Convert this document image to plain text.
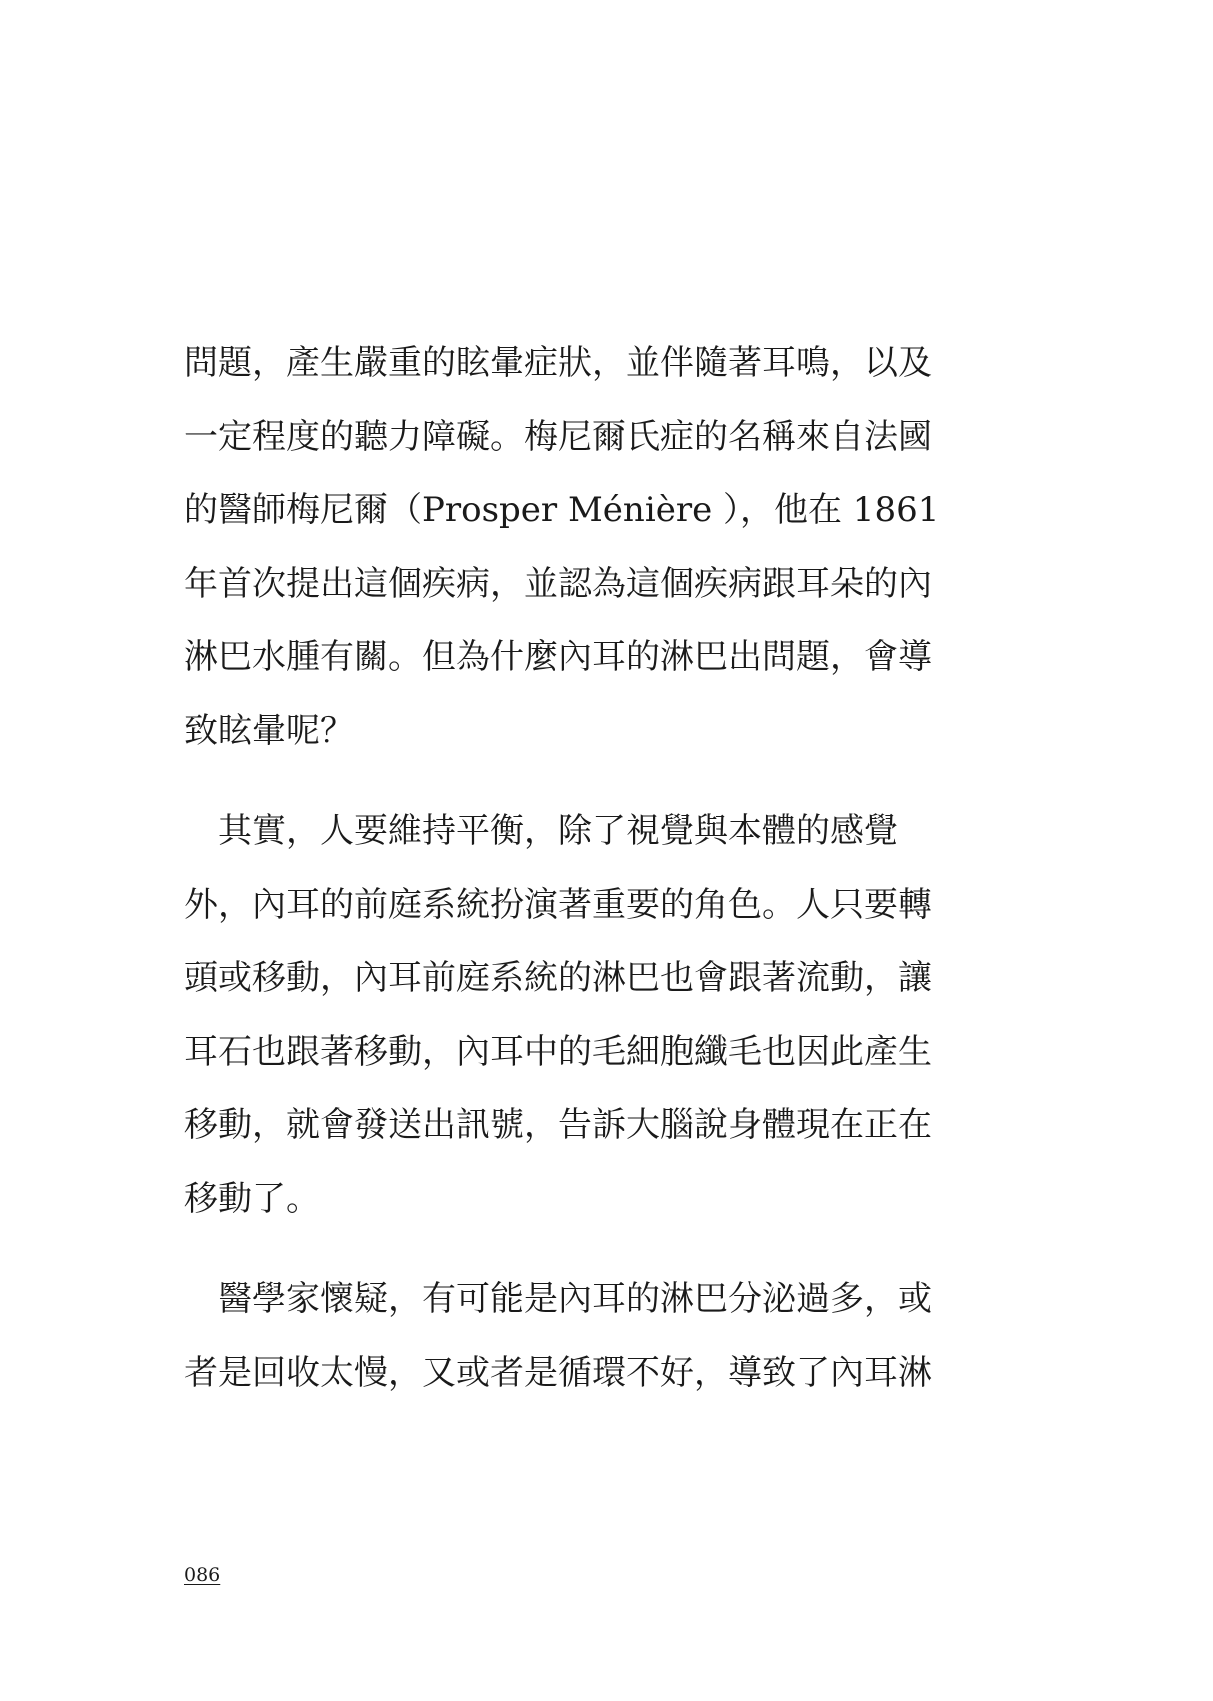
問題，產生嚴重的眩暈症狀，並伴隨著耳鳴，以及
一定程度的聽力障礙。梅尼爾氏症的名稱來自法國
的醫師梅尼爾（Prosper Ménière ），他在 1861
年首次提出這個疾病，並認為這個疾病跟耳朵的內
淋巴水腫有關。但為什麼內耳的淋巴出問題，會導
致眩暈呢？
其實，人要維持平衡，除了視覺與本體的感覺
外，內耳的前庭系統扮演著重要的角色。人只要轉
頭或移動，內耳前庭系統的淋巴也會跟著流動，讓
耳石也跟著移動，內耳中的毛細胞纖毛也因此產生
移動，就會發送出訊號，告訴大腦說身體現在正在
移動了。
醫學家懷疑，有可能是內耳的淋巴分泌過多，或
者是回收太慢，又或者是循環不好，導致了內耳淋
086
